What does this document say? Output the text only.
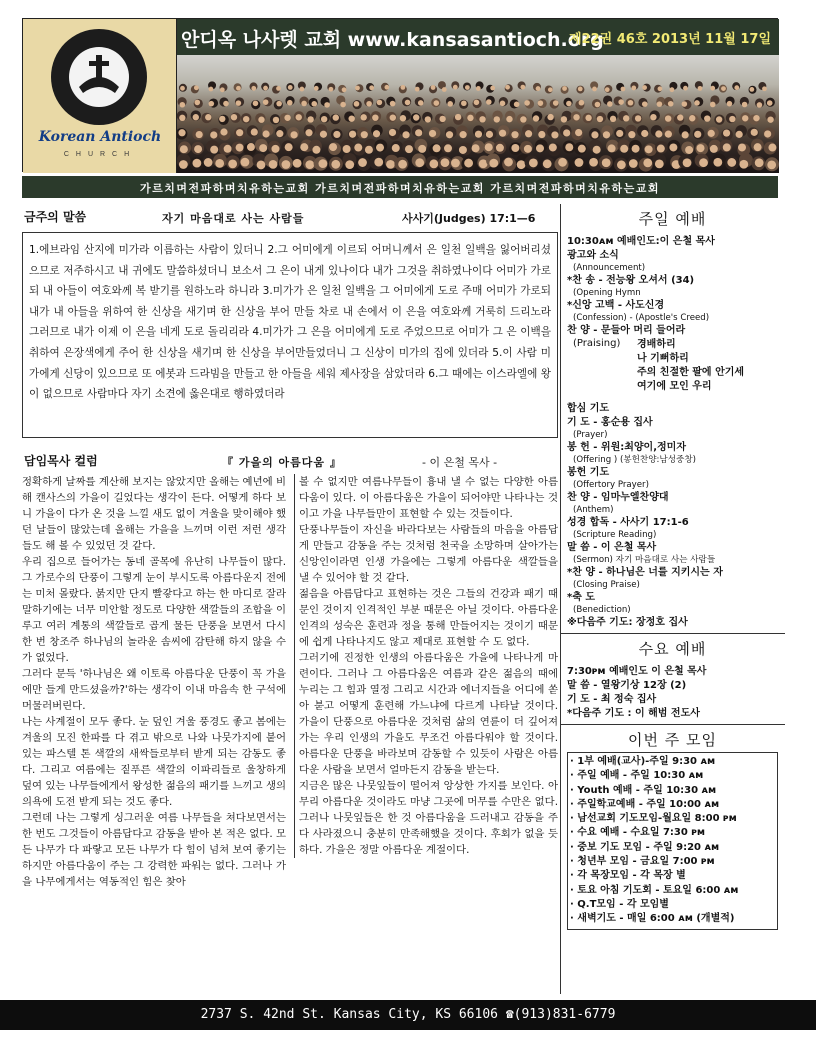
Korean Antioch
CHURCH
안디옥 나사렛 교회 www.kansasantioch.org
제22권 46호 2013년 11월 17일
가르치며전파하며치유하는교회 가르치며전파하며치유하는교회 가르치며전파하며치유하는교회
금주의 말씀	자기 마음대로 사는 사람들	사사기(Judges) 17:1—6
1.에브라임 산지에 미가라 이름하는 사람이 있더니 2.그 어미에게 이르되 어머니께서 은 일천 일백을 잃어버리셨으므로 저주하시고 내 귀에도 말씀하셨더니 보소서 그 은이 내게 있나이다 내가 그것을 취하였나이다 어미가 가로되 내 아들이 여호와께 복 받기를 원하노라 하니라 3.미가가 은 일천 일백을 그 어미에게 도로 주매 어미가 가로되 내가 내 아들을 위하여 한 신상을 새기며 한 신상을 부어 만들 차로 내 손에서 이 은을 여호와께 거룩히 드리노라 그러므로 내가 이제 이 은을 네게 도로 돌리리라 4.미가가 그 은을 어미에게 도로 주었으므로 어미가 그 은 이백을 취하여 은장색에게 주어 한 신상을 새기며 한 신상을 부어만들었더니 그 신상이 미가의 집에 있더라 5.이 사람 미가에게 신당이 있으므로 또 에봇과 드라빔을 만들고 한 아들을 세워 제사장을 삼았더라 6.그 때에는 이스라엘에 왕이 없으므로 사람마다 자기 소견에 옳은대로 행하였더라
담임목사 컬럼	『 가을의 아름다움 』	- 이 은철 목사 -

정확하게 날짜를 계산해 보지는 않았지만 올해는 예년에 비해 캔사스의 가을이 길었다는 생각이 든다. 어떻게 하다 보니 가을이 다가 온 것을 느낄 새도 없이 겨울을 맞이해야 했던 날들이 많았는데 올해는 가을을 느끼며 이런 저런 생각들도 해 볼 수 있었던 것 같다.

우리 집으로 들어가는 동네 골목에 유난히 나무들이 많다. 그 가로수의 단풍이 그렇게 눈이 부시도록 아름다운지 전에는 미처 몰랐다. 붉지만 단지 빨갛다고 하는 한 마디로 잘라 말하기에는 너무 미안할 정도로 다양한 색깔들의 조합을 이루고 여러 계통의 색깔들로 곱게 물든 단풍을 보면서 다시 한 번 창조주 하나님의 놀라운 솜씨에 감탄해 하지 않을 수 가 없었다.

그러다 문득 '하나님은 왜 이토록 아름다운 단풍이 꼭 가을에만 들게 만드셨을까?'하는 생각이 이내 마음속 한 구석에 머물러버린다.

나는 사계절이 모두 좋다. 눈 덮인 겨울 풍경도 좋고 봄에는 겨울의 모진 한파를 다 겪고 밖으로 나와 나뭇가지에 붙어있는 파스텔 톤 색깔의 새싹들로부터 받게 되는 감동도 좋다. 그리고 여름에는 짙푸른 색깔의 이파리들로 울창하게 덮여 있는 나무들에게서 왕성한 젊음의 패기를 느끼고 생의 의욕에 도전 받게 되는 것도 좋다.

그런데 나는 그렇게 싱그러운 여름 나무들을 쳐다보면서는 한 번도 그것들이 아름답다고 감동을 받아 본 적은 없다. 모든 나무가 다 파랗고 모든 나무가 다 힘이 넘쳐 보여 좋기는 하지만 아름다움이 주는 그 강력한 파워는 없다. 그러나 가을 나무에게서는 역동적인 힘은 찾아

볼 수 없지만 여름나무들이 흉내 낼 수 없는 다양한 아름다움이 있다. 이 아름다움은 가을이 되어야만 나타나는 것이고 가을 나무들만이 표현할 수 있는 것들이다.

단풍나무들이 자신을 바라다보는 사람들의 마음을 아름답게 만들고 감동을 주는 것처럼 천국을 소망하며 살아가는 신앙인이라면 인생 가을에는 그렇게 아름다운 색깔들을 낼 수 있어야 할 것 같다.

젊음을 아름답다고 표현하는 것은 그들의 건강과 패기 때문인 것이지 인격적인 부분 때문은 아닐 것이다. 아름다운 인격의 성숙은 훈련과 정을 통해 만들어지는 것이기 때문에 쉽게 나타나지도 않고 제대로 표현할 수 도 없다.

그러기에 진정한 인생의 아름다움은 가을에 나타나게 마련이다. 그러나 그 아름다움은 여름과 같은 젊음의 때에 누리는 그 힘과 열정 그리고 시간과 에너지들을 어디에 쏟아 붇고 어떻게 훈련해 가느냐에 다르게 나타날 것이다. 가을이 단풍으로 아름다운 것처럼 삶의 연륜이 더 깊어져 가는 우리 인생의 가을도 무조건 아름다워야 할 것이다. 아름다운 단풍을 바라보며 감동할 수 있듯이 사람은 아름다운 사람을 보면서 얼마든지 감동을 받는다.

지금은 많은 나뭇잎들이 떨어져 앙상한 가지를 보인다. 아무리 아름다운 것이라도 마냥 그곳에 머무를 수만은 없다. 그러나 나뭇잎들은 한 것 아름다움을 드러내고 감동을 주다 사라졌으니 충분히 만족해했을 것이다. 후회가 없을 듯하다. 가을은 정말 아름다운 계절이다.

주일 예배
10:30ᴀᴍ 예배인도:이 은철 목사
광고와 소식
(Announcement)
*찬 송 - 전능왕 오셔서 (34)
(Opening Hymn
*신앙 고백 - 사도신경
(Confession) - (Apostle's Creed)
찬 양 - 문들아 머리 들어라
(Praising)	경배하리
나 기뻐하리
주의 친절한 팔에 안기세
여기에 모인 우리
합심 기도
기 도 - 홍순용 집사
(Prayer)
봉 헌 - 위원:최양이,정미자
(Offering ) (봉헌찬양:남성중창)
봉헌 기도
(Offertory Prayer)
찬 양 - 임마누엘찬양대
(Anthem)
성경 합독 - 사사기 17:1-6
(Scripture Reading)
말 씀 - 이 은철 목사
(Sermon) 자기 마음대로 사는 사람들
*찬 양 - 하나님은 너를 지키시는 자
(Closing Praise)
*축 도
(Benediction)
※다음주 기도: 장정호 집사
수요 예배
7:30ᴘᴍ 예배인도 이 은철 목사
말 씀 - 열왕기상 12장 (2)
기 도 - 최 정숙 집사
*다음주 기도 : 이 해범 전도사
이번 주 모임
· 1부 예배(교사)-주일 9:30 ᴀᴍ
· 주일 예배 - 주일 10:30 ᴀᴍ
· Youth 예배 - 주일 10:30 ᴀᴍ
· 주일학교예배 - 주일 10:00 ᴀᴍ
· 남선교회 기도모임-월요일 8:00 ᴘᴍ
· 수요 예배 - 수요일 7:30 ᴘᴍ
· 중보 기도 모임 - 주일 9:20 ᴀᴍ
· 청년부 모임 - 금요일 7:00 ᴘᴍ
· 각 목장모임 - 각 목장 별
· 토요 아침 기도회 - 토요일 6:00 ᴀᴍ
· Q.T모임 - 각 모임별
· 새벽기도 - 매일 6:00 ᴀᴍ (개별적)
2737 S. 42nd St. Kansas City, KS 66106 ☎(913)831-6779
